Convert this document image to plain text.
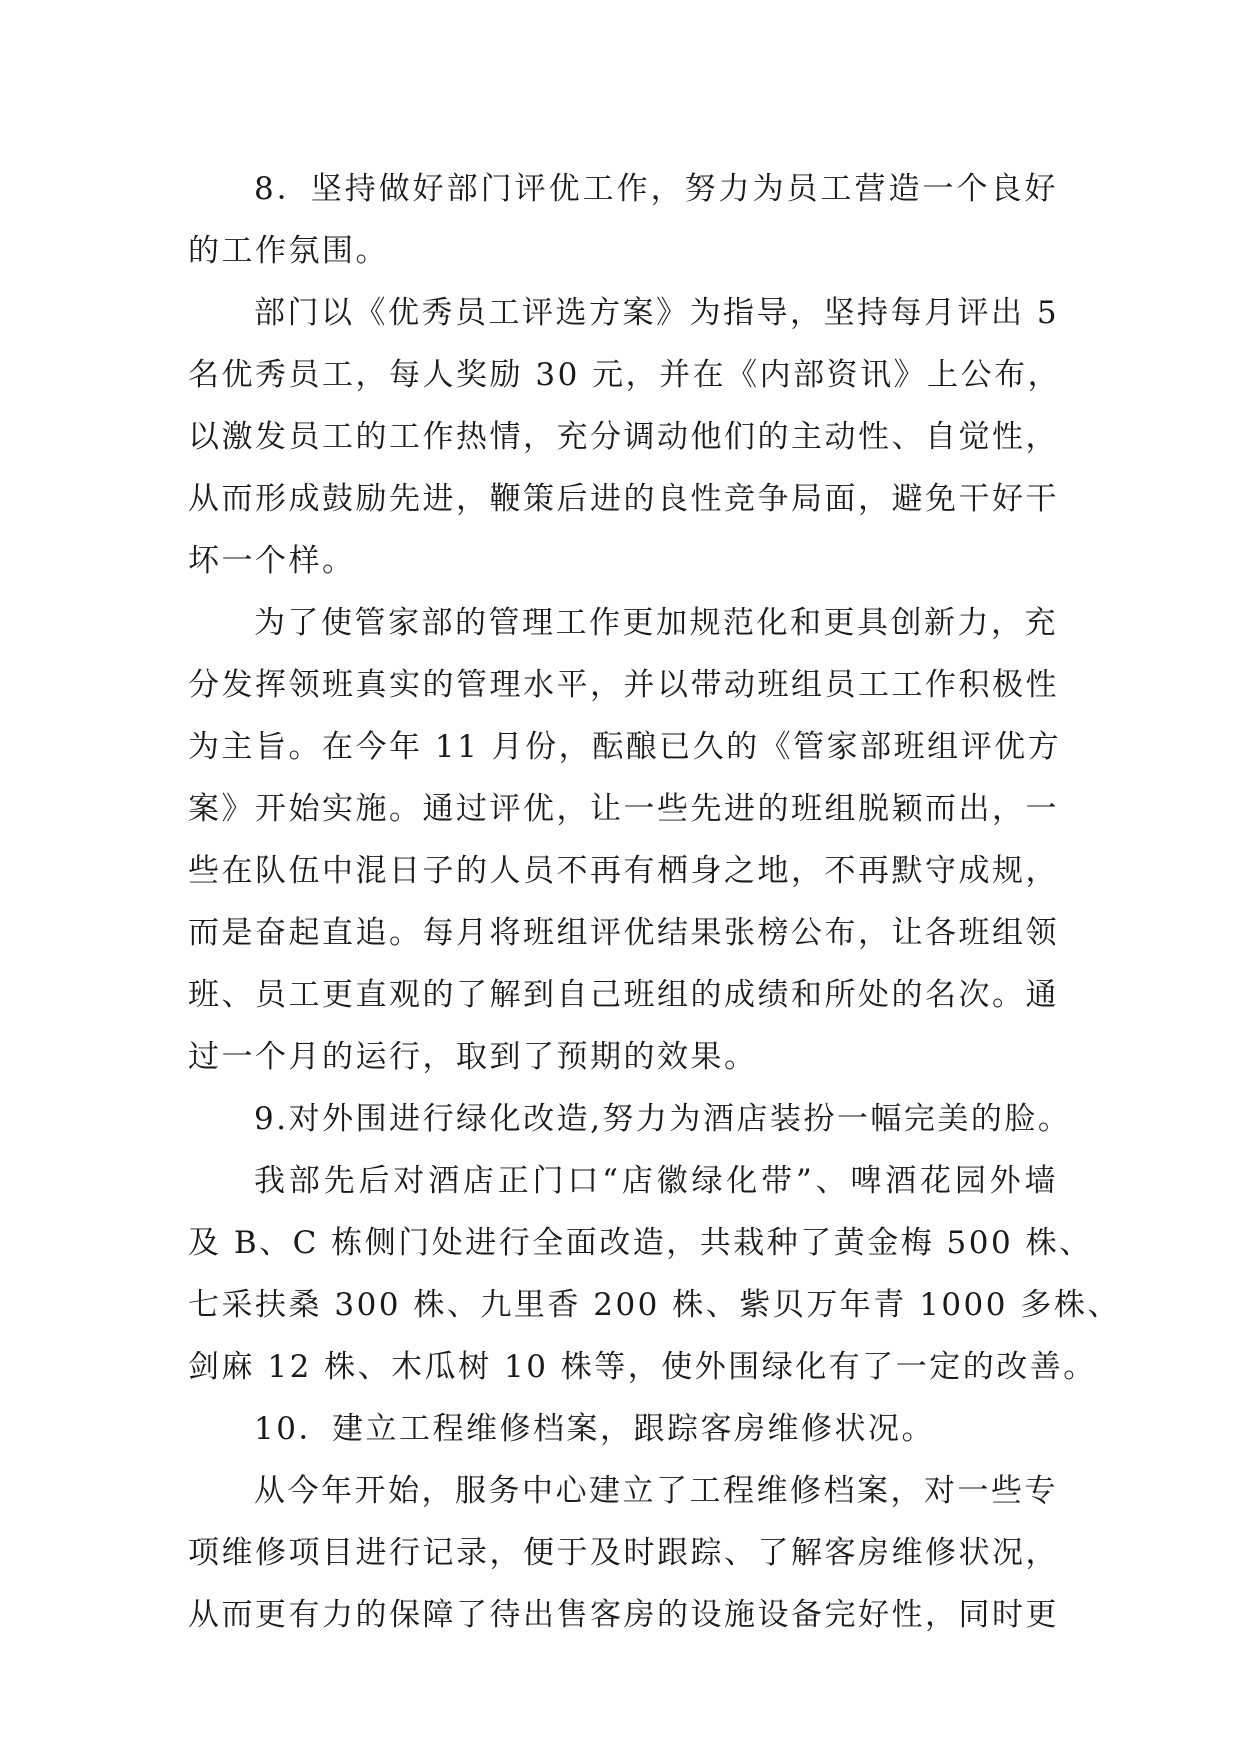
8．坚持做好部门评优工作，努力为员工营造一个良好
的工作氛围。
部门以《优秀员工评选方案》为指导，坚持每月评出 5
名优秀员工，每人奖励 30 元，并在《内部资讯》上公布，
以激发员工的工作热情，充分调动他们的主动性、自觉性，
从而形成鼓励先进，鞭策后进的良性竞争局面，避免干好干
坏一个样。
为了使管家部的管理工作更加规范化和更具创新力，充
分发挥领班真实的管理水平，并以带动班组员工工作积极性
为主旨。在今年 11 月份，酝酿已久的《管家部班组评优方
案》开始实施。通过评优，让一些先进的班组脱颖而出，一
些在队伍中混日子的人员不再有栖身之地，不再默守成规，
而是奋起直追。每月将班组评优结果张榜公布，让各班组领
班、员工更直观的了解到自己班组的成绩和所处的名次。通
过一个月的运行，取到了预期的效果。
9.对外围进行绿化改造,努力为酒店装扮一幅完美的脸。
我部先后对酒店正门口“店徽绿化带”、啤酒花园外墙
及 B、C 栋侧门处进行全面改造，共栽种了黄金梅 500 株、
七采扶桑 300 株、九里香 200 株、紫贝万年青 1000 多株、
剑麻 12 株、木瓜树 10 株等，使外围绿化有了一定的改善。
10．建立工程维修档案，跟踪客房维修状况。
从今年开始，服务中心建立了工程维修档案，对一些专
项维修项目进行记录，便于及时跟踪、了解客房维修状况，
从而更有力的保障了待出售客房的设施设备完好性，同时更
